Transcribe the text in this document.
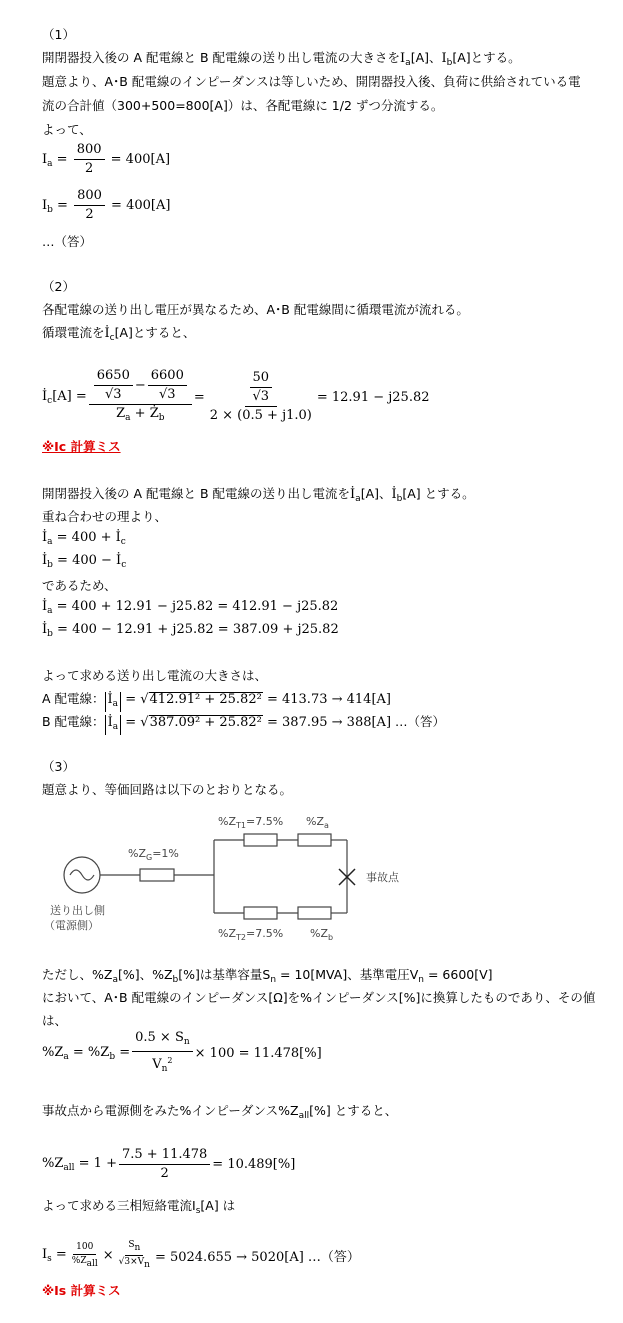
（1）
開閉器投入後の A 配電線と B 配電線の送り出し電流の大きさを$I_a[A]$、$I_b[A]$とする。
題意より、A･B 配電線のインピーダンスは等しいため、開閉器投入後、負荷に供給されている電
流の合計値（300+500=800[A]）は、各配電線に 1/2 ずつ分流する。
よって、
$I_a = \frac{800}{2} = 400[A]$
$I_b = \frac{800}{2} = 400[A]$
…（答）
（2）
各配電線の送り出し電圧が異なるため、A･B 配電線間に循環電流が流れる。
循環電流を$İ_c[A]$とすると、
$İ_c[A] = \frac{\frac{6650}{√3} - \frac{6600}{√3}}{Z_a + Ż_b} = \frac{\frac{50}{√3}}{2 \times (0.5 + j1.0)} = 12.91 - j25.82$
※Ic 計算ミス
開閉器投入後の A 配電線と B 配電線の送り出し電流を$İ_a[A]$、$İ_b[A]$ とする。
重ね合わせの理より、
$İ_a = 400$ + $İ_c$
$İ_b = 400$ − $İ_c$
であるため、
$İ_a = 400 + 12.91 - j25.82 = 412.91 - j25.82$
$İ_b = 400 - 12.91 + j25.82 = 387.09 + j25.82$
よって求める送り出し電流の大きさは、
A 配電線： $İ_a = √412.91^2 + 25.82^2 = 413.73 \to 414[A]$
B 配電線： $İ_a = √387.09^2 + 25.82^2 = 387.95 \to 388[A]$ …（答）
（3）
題意より、等価回路は以下のとおりとなる。
$\%Z_{T1}=7.5\%$ $\%Z_a$
$\%Z_G=1\%$
事故点
送り出し側
（電源側）
$\%Z_{T2}=7.5\%$ $\%Z_b$
ただし、$\%Z_a[\%]$、$\%Z_b[\%]$は基準容量$S_n = 10[MVA]$、基準電圧$V_n = 6600[V]$
において、A･B 配電線のインピーダンス[Ω]を%インピーダンス[%]に換算したものであり、その値
は、
$\%Z_a = \%Z_b = \frac{0.5 \times S_n}{V_n^2} \times 100 = 11.478[\%]$
事故点から電源側をみた%インピーダンス$\%Z_{all}[\%]$ とすると、
$\%Z_{all} = 1 + \frac{7.5 + 11.478}{2} = 10.489[\%]$
よって求める三相短絡電流$I_s[A]$ は
$I_s = \frac{100}{\%Z_{all}} \times \frac{S_n}{√3\times V_n} = 5024.655 \to 5020[A]$ …（答）
※Is 計算ミス
